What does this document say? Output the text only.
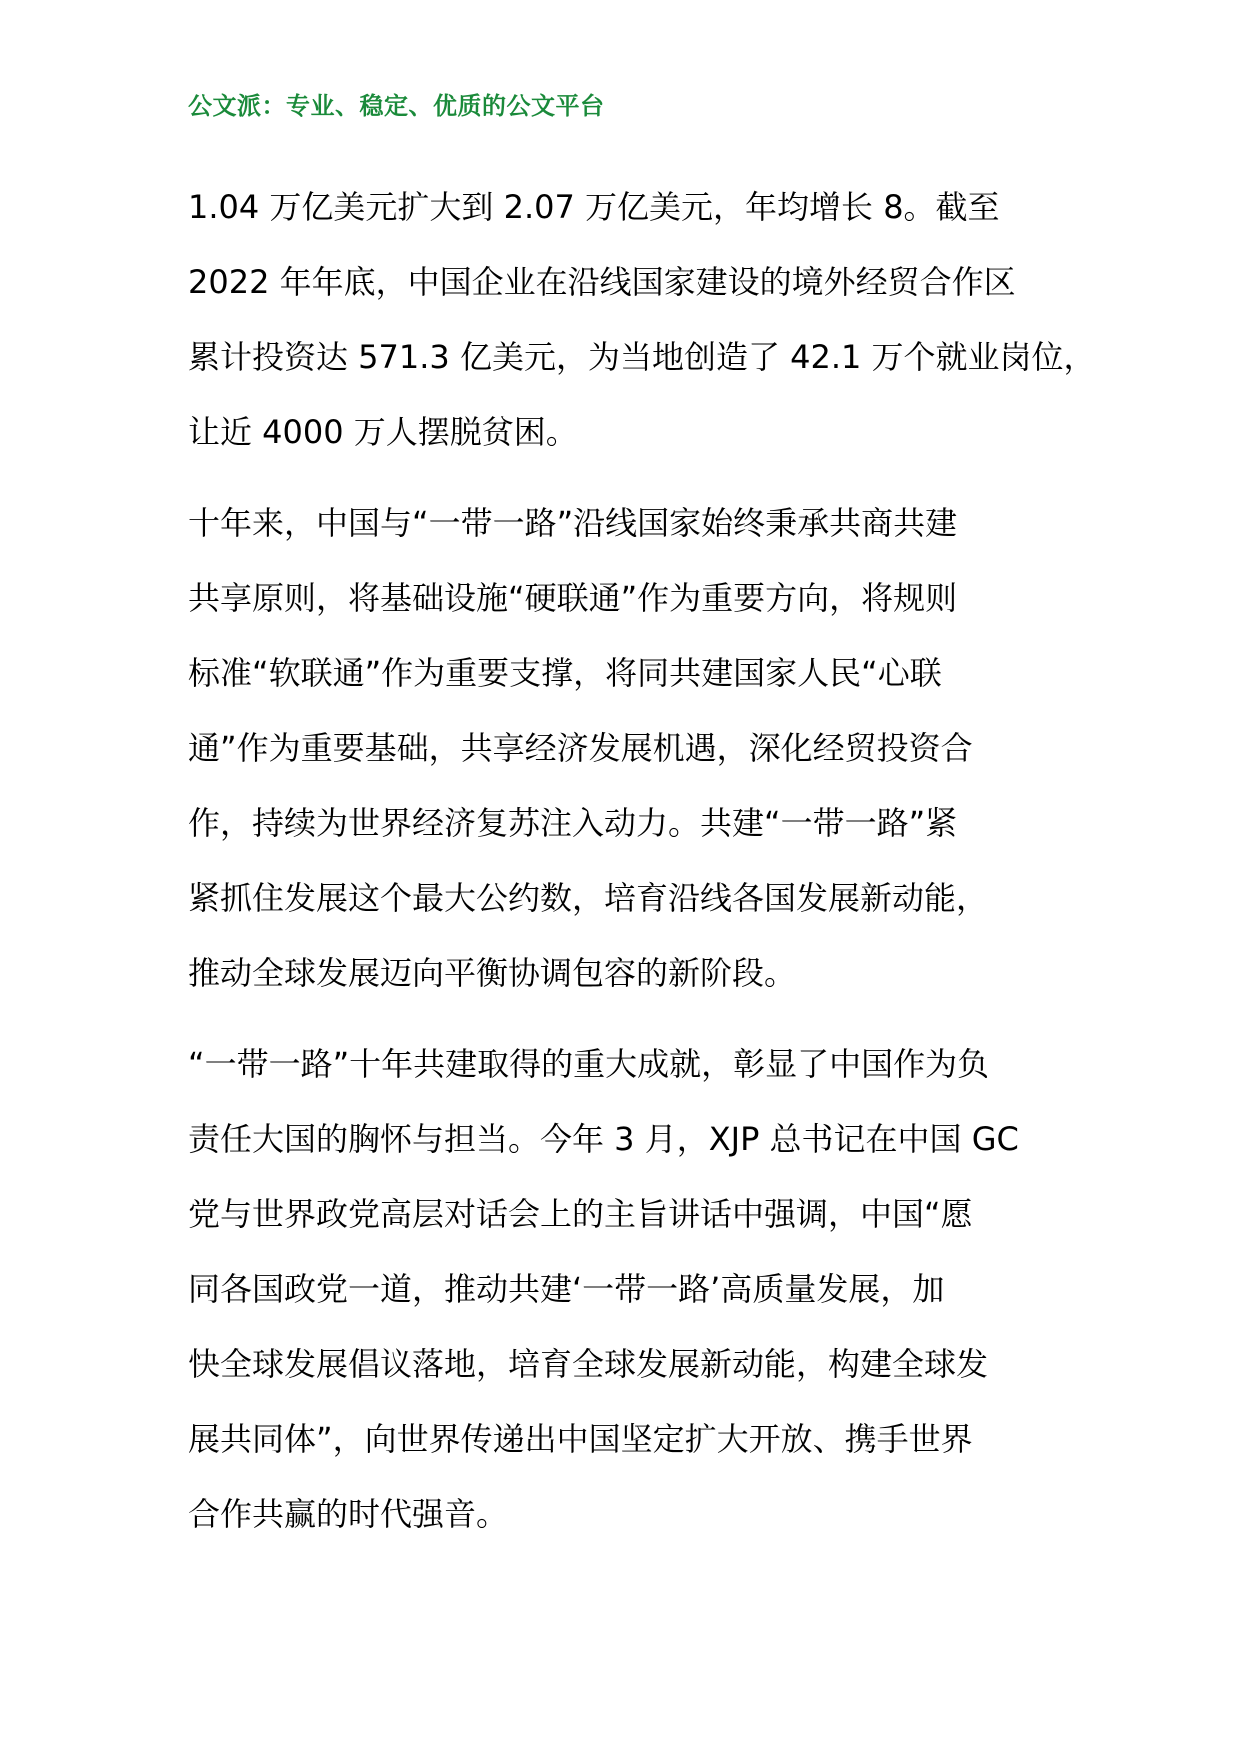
公文派：专业、稳定、优质的公文平台
1.04 万亿美元扩大到 2.07 万亿美元，年均增长 8。截至
2022 年年底，中国企业在沿线国家建设的境外经贸合作区
累计投资达 571.3 亿美元，为当地创造了 42.1 万个就业岗位，
让近 4000 万人摆脱贫困。
十年来，中国与“一带一路”沿线国家始终秉承共商共建
共享原则，将基础设施“硬联通”作为重要方向，将规则
标准“软联通”作为重要支撑，将同共建国家人民“心联
通”作为重要基础，共享经济发展机遇，深化经贸投资合
作，持续为世界经济复苏注入动力。共建“一带一路”紧
紧抓住发展这个最大公约数，培育沿线各国发展新动能，
推动全球发展迈向平衡协调包容的新阶段。
“一带一路”十年共建取得的重大成就，彰显了中国作为负
责任大国的胸怀与担当。今年 3 月，XJP 总书记在中国 GC
党与世界政党高层对话会上的主旨讲话中强调，中国“愿
同各国政党一道，推动共建‘一带一路’高质量发展，加
快全球发展倡议落地，培育全球发展新动能，构建全球发
展共同体”，向世界传递出中国坚定扩大开放、携手世界
合作共赢的时代强音。
